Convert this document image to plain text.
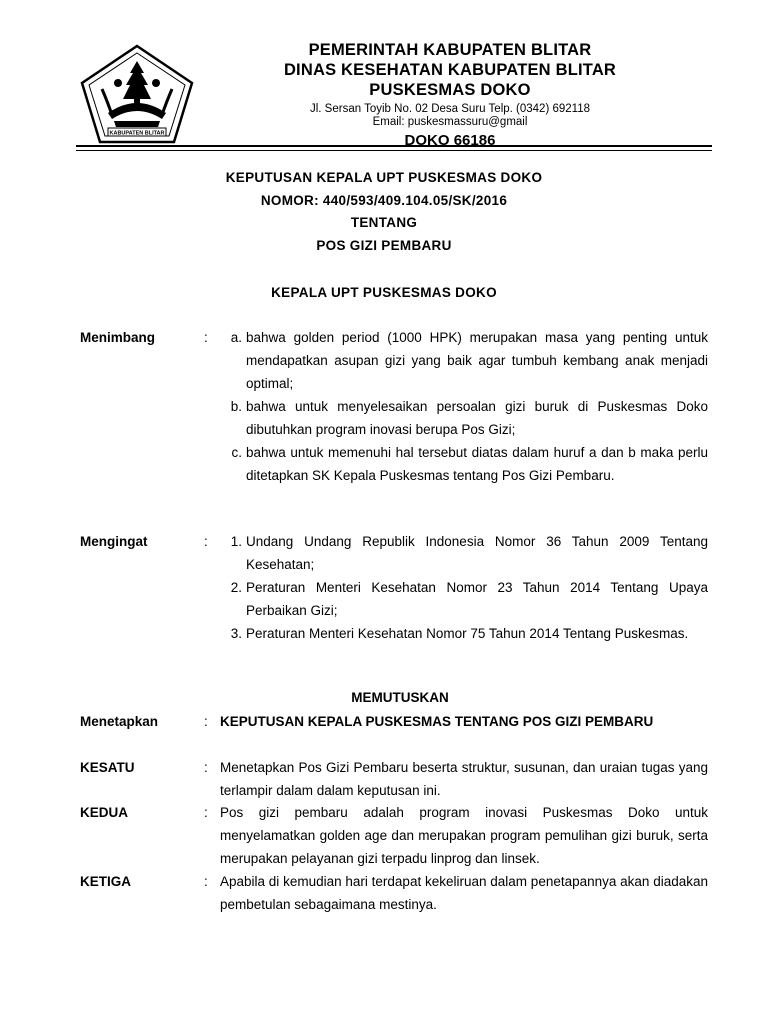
KABUPATEN BLITAR
PEMERINTAH KABUPATEN BLITAR
DINAS KESEHATAN KABUPATEN BLITAR
PUSKESMAS DOKO
Jl. Sersan Toyib No. 02 Desa Suru Telp. (0342) 692118
Email: puskesmassuru@gmail
DOKO 66186
KEPUTUSAN KEPALA UPT PUSKESMAS DOKO
NOMOR: 440/593/409.104.05/SK/2016
TENTANG
POS GIZI PEMBARU
KEPALA UPT PUSKESMAS DOKO
Menimbang	:	a. bahwa golden period (1000 HPK) merupakan masa yang penting untuk mendapatkan asupan gizi yang baik agar tumbuh kembang anak menjadi optimal;
b. bahwa untuk menyelesaikan persoalan gizi buruk di Puskesmas Doko dibutuhkan program inovasi berupa Pos Gizi;
c. bahwa untuk memenuhi hal tersebut diatas dalam huruf a dan b maka perlu ditetapkan SK Kepala Puskesmas tentang Pos Gizi Pembaru.
Mengingat	:	1. Undang Undang Republik Indonesia Nomor 36 Tahun 2009 Tentang Kesehatan;
2. Peraturan Menteri Kesehatan Nomor 23 Tahun 2014 Tentang Upaya Perbaikan Gizi;
3. Peraturan Menteri Kesehatan Nomor 75 Tahun 2014 Tentang Puskesmas.
MEMUTUSKAN
Menetapkan	: KEPUTUSAN KEPALA PUSKESMAS TENTANG POS GIZI PEMBARU
KESATU	: Menetapkan Pos Gizi Pembaru beserta struktur, susunan, dan uraian tugas yang terlampir dalam dalam keputusan ini.
KEDUA	: Pos gizi pembaru adalah program inovasi Puskesmas Doko untuk menyelamatkan golden age dan merupakan program pemulihan gizi buruk, serta merupakan pelayanan gizi terpadu linprog dan linsek.
KETIGA	: Apabila di kemudian hari terdapat kekeliruan dalam penetapannya akan diadakan pembetulan sebagaimana mestinya.
